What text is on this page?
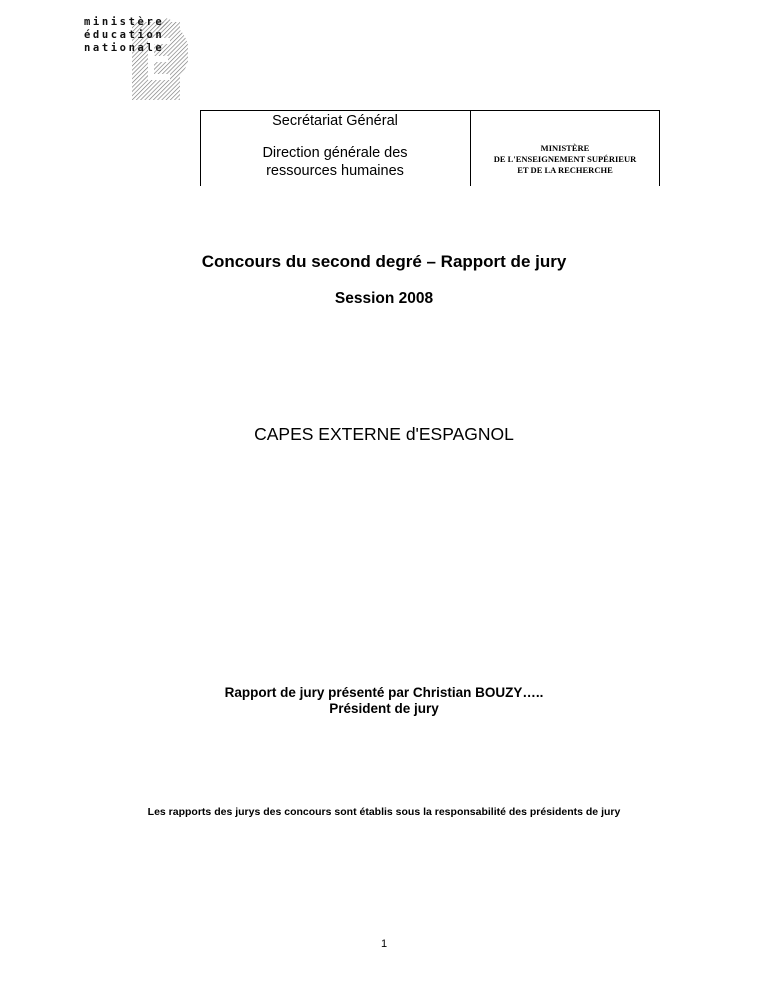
ministère
éducation
nationale
Secrétariat Général
Direction générale des
ressources humaines
MINISTÈRE
DE L'ENSEIGNEMENT SUPÉRIEUR
ET DE LA RECHERCHE
Concours du second degré – Rapport de jury
Session 2008
CAPES EXTERNE d'ESPAGNOL
Rapport de jury présenté par Christian BOUZY…..
Président de jury
Les rapports des jurys des concours sont établis sous la responsabilité des présidents de jury
1
